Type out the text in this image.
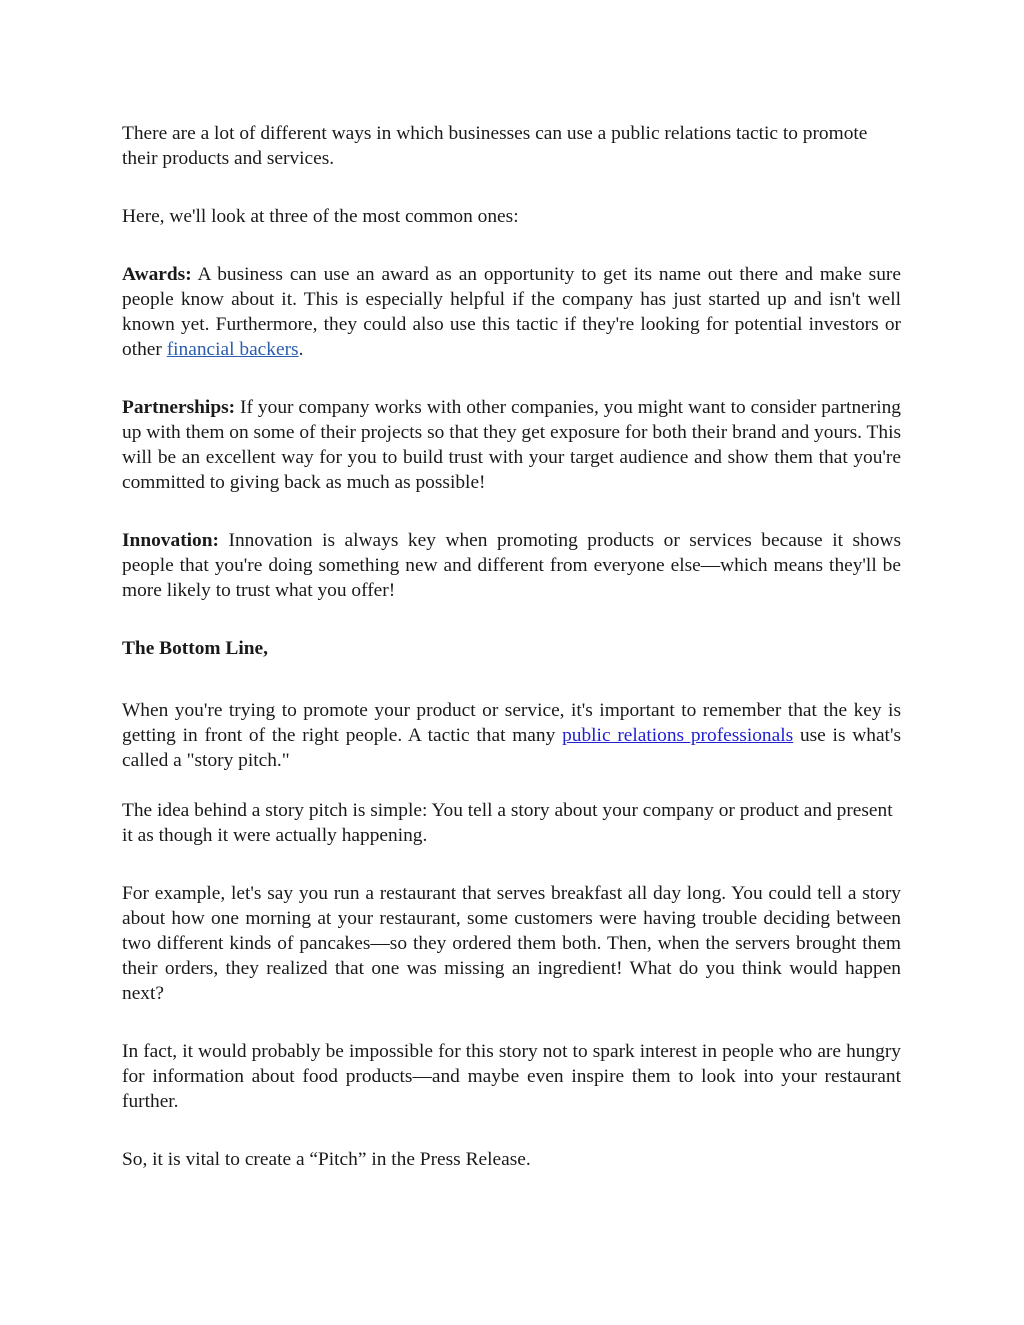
There are a lot of different ways in which businesses can use a public relations tactic to promote their products and services.

Here, we'll look at three of the most common ones:

Awards: A business can use an award as an opportunity to get its name out there and make sure people know about it. This is especially helpful if the company has just started up and isn't well known yet. Furthermore, they could also use this tactic if they're looking for potential investors or other financial backers.

Partnerships: If your company works with other companies, you might want to consider partnering up with them on some of their projects so that they get exposure for both their brand and yours. This will be an excellent way for you to build trust with your target audience and show them that you're committed to giving back as much as possible!

Innovation: Innovation is always key when promoting products or services because it shows people that you're doing something new and different from everyone else—which means they'll be more likely to trust what you offer!

The Bottom Line,

When you're trying to promote your product or service, it's important to remember that the key is getting in front of the right people. A tactic that many public relations professionals use is what's called a "story pitch."

The idea behind a story pitch is simple: You tell a story about your company or product and present it as though it were actually happening.

For example, let's say you run a restaurant that serves breakfast all day long. You could tell a story about how one morning at your restaurant, some customers were having trouble deciding between two different kinds of pancakes—so they ordered them both. Then, when the servers brought them their orders, they realized that one was missing an ingredient! What do you think would happen next?

In fact, it would probably be impossible for this story not to spark interest in people who are hungry for information about food products—and maybe even inspire them to look into your restaurant further.

So, it is vital to create a “Pitch” in the Press Release.
